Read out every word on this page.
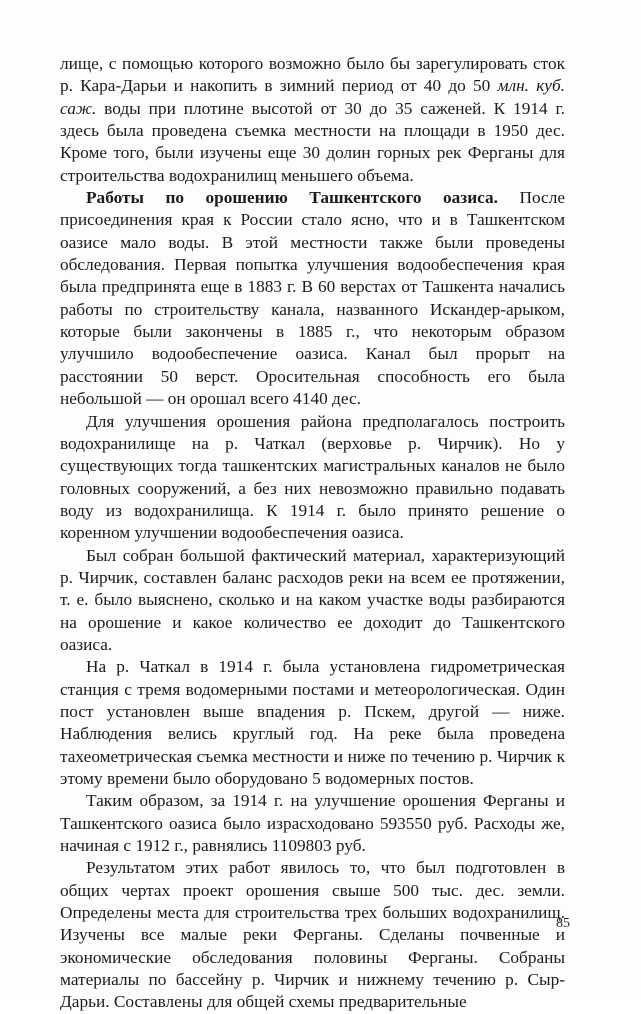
лище, с помощью которого возможно было бы зарегулировать сток р. Кара-Дарьи и накопить в зимний период от 40 до 50 млн. куб. саж. воды при плотине высотой от 30 до 35 саженей. К 1914 г. здесь была проведена съемка местности на площади в 1950 дес. Кроме того, были изучены еще 30 долин горных рек Ферганы для строительства водохранилищ меньшего объема.

Работы по орошению Ташкентского оазиса. После присоединения края к России стало ясно, что и в Ташкентском оазисе мало воды. В этой местности также были проведены обследования. Первая попытка улучшения водообеспечения края была предпринята еще в 1883 г. В 60 верстах от Ташкента начались работы по строительству канала, названного Искандер-арыком, которые были закончены в 1885 г., что некоторым образом улучшило водообеспечение оазиса. Канал был прорыт на расстоянии 50 верст. Оросительная способность его была небольшой — он орошал всего 4140 дес.

Для улучшения орошения района предполагалось построить водохранилище на р. Чаткал (верховье р. Чирчик). Но у существующих тогда ташкентских магистральных каналов не было головных сооружений, а без них невозможно правильно подавать воду из водохранилища. К 1914 г. было принято решение о коренном улучшении водообеспечения оазиса.

Был собран большой фактический материал, характеризующий р. Чирчик, составлен баланс расходов реки на всем ее протяжении, т. е. было выяснено, сколько и на каком участке воды разбираются на орошение и какое количество ее доходит до Ташкентского оазиса.

На р. Чаткал в 1914 г. была установлена гидрометрическая станция с тремя водомерными постами и метеорологическая. Один пост установлен выше впадения р. Пскем, другой — ниже. Наблюдения велись круглый год. На реке была проведена тахеометрическая съемка местности и ниже по течению р. Чирчик к этому времени было оборудовано 5 водомерных постов.

Таким образом, за 1914 г. на улучшение орошения Ферганы и Ташкентского оазиса было израсходовано 593550 руб. Расходы же, начиная с 1912 г., равнялись 1109803 руб.

Результатом этих работ явилось то, что был подготовлен в общих чертах проект орошения свыше 500 тыс. дес. земли. Определены места для строительства трех больших водохранилищ. Изучены все малые реки Ферганы. Сделаны почвенные и экономические обследования половины Ферганы. Собраны материалы по бассейну р. Чирчик и нижнему течению р. Сыр-Дарьи. Составлены для общей схемы предварительные

85
